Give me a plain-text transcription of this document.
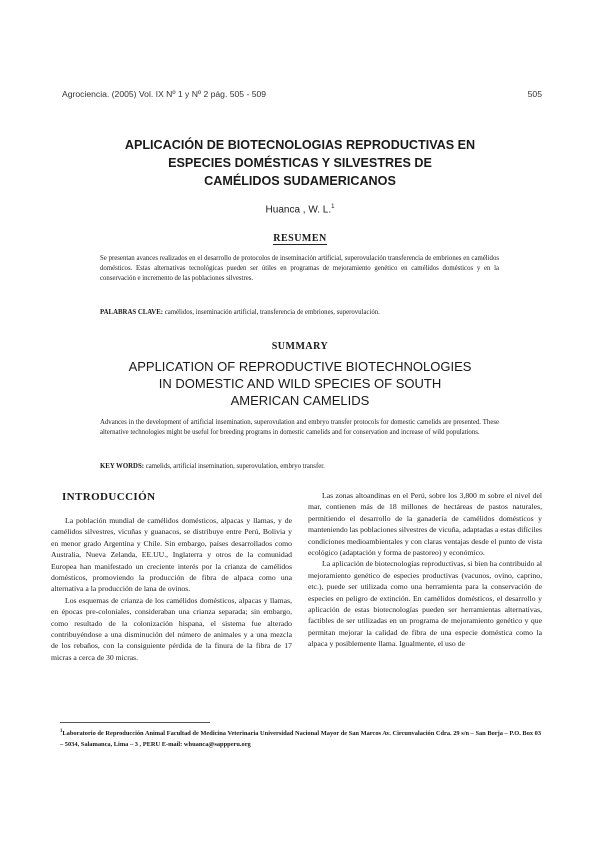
Agrociencia. (2005) Vol. IX Nº 1 y Nº 2 pág. 505 - 509	505
APLICACIÓN DE BIOTECNOLOGIAS REPRODUCTIVAS EN
ESPECIES DOMÉSTICAS Y SILVESTRES DE
CAMÉLIDOS SUDAMERICANOS
Huanca , W. L.$^1$
RESUMEN
Se presentan avances realizados en el desarrollo de protocolos de inseminación artificial, superovulación transferencia de embriones en camélidos domésticos. Estas alternativas tecnológicas pueden ser útiles en programas de mejoramiento genético en camélidos domésticos y en la conservación e incremento de las poblaciones silvestres.
PALABRAS CLAVE: camélidos, inseminación artificial, transferencia de embriones, superovulación.
SUMMARY
APPLICATION OF REPRODUCTIVE BIOTECHNOLOGIES
IN DOMESTIC AND WILD SPECIES OF SOUTH
AMERICAN CAMELIDS
Advances in the development of artificial insemination, superovulation and embryo transfer protocols for domestic camelids are presented. These alternative technologies might be useful for breeding programs in domestic camelids and for conservation and increase of wild populations.
KEY WORDS: camelids, artificial insemination, superovulation, embryo transfer.
INTRODUCCIÓN

La población mundial de camélidos domésticos, alpacas y llamas, y de camélidos silvestres, vicuñas y guanacos, se distribuye entre Perú, Bolivia y en menor grado Argentina y Chile. Sin embargo, países desarrollados como Australia, Nueva Zelanda, EE.UU., Inglaterra y otros de la comunidad Europea han manifestado un creciente interés por la crianza de camélidos domésticos, promoviendo la producción de fibra de alpaca como una alternativa a la producción de lana de ovinos.

Los esquemas de crianza de los camélidos domésticos, alpacas y llamas, en épocas pre-coloniales, consideraban una crianza separada; sin embargo, como resultado de la colonización hispana, el sistema fue alterado contribuyéndose a una disminución del número de animales y a una mezcla de los rebaños, con la consiguiente pérdida de la finura de la fibra de 17 micras a cerca de 30 micras.

Las zonas altoandinas en el Perú, sobre los 3,800 m sobre el nivel del mar, contienen más de 18 millones de hectáreas de pastos naturales, permitiendo el desarrollo de la ganadería de camélidos domésticos y manteniendo las poblaciones silvestres de vicuña, adaptadas a estas difíciles condiciones medioambientales y con claras ventajas desde el punto de vista ecológico (adaptación y forma de pastoreo) y económico.

La aplicación de biotecnologías reproductivas, si bien ha contribuido al mejoramiento genético de especies productivas (vacunos, ovino, caprino, etc.), puede ser utilizada como una herramienta para la conservación de especies en peligro de extinción. En camélidos domésticos, el desarrollo y aplicación de estas biotecnologías pueden ser herramientas alternativas, factibles de ser utilizadas en un programa de mejoramiento genético y que permitan mejorar la calidad de fibra de una especie doméstica como la alpaca y posiblemente llama. Igualmente, el uso de

$^1$Laboratorio de Reproducción Animal Facultad de Medicina Veterinaria Universidad Nacional Mayor de San Marcos Av. Circunvalación Cdra. 29 s/n – San Borja – P.O. Box 03 – 5034, Salamanca, Lima – 3 , PERU E-mail: whuanca@sappperu.org
